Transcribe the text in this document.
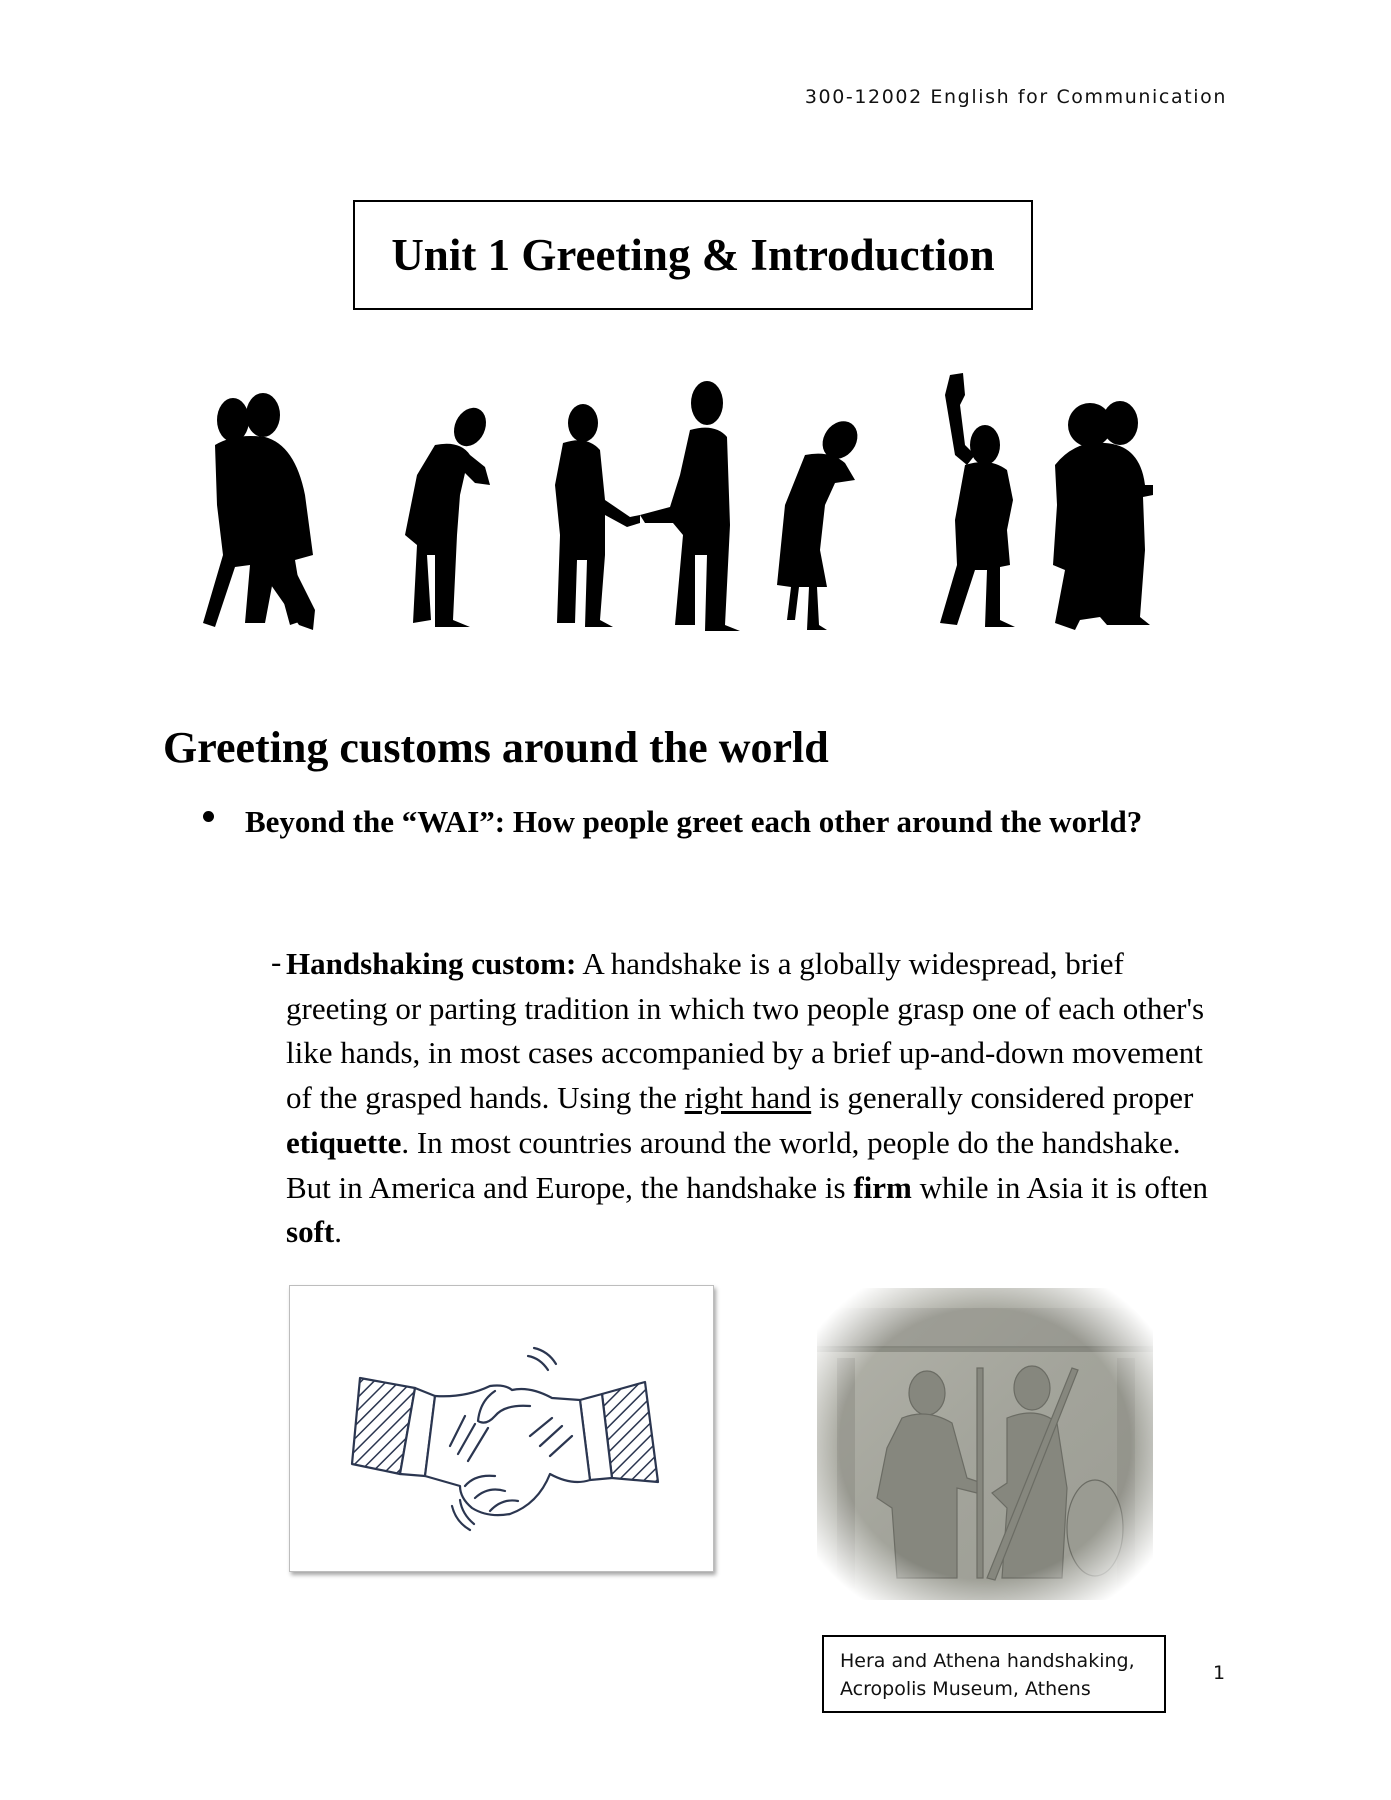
300-12002 English for Communication
Unit 1 Greeting & Introduction
Greeting customs around the world
Beyond the “WAI”: How people greet each other around the world?
- Handshaking custom: A handshake is a globally widespread, brief greeting or parting tradition in which two people grasp one of each other's like hands, in most cases accompanied by a brief up-and-down movement of the grasped hands. Using the right hand is generally considered proper etiquette. In most countries around the world, people do the handshake. But in America and Europe, the handshake is firm while in Asia it is often soft.
Hera and Athena handshaking,
Acropolis Museum, Athens
1
